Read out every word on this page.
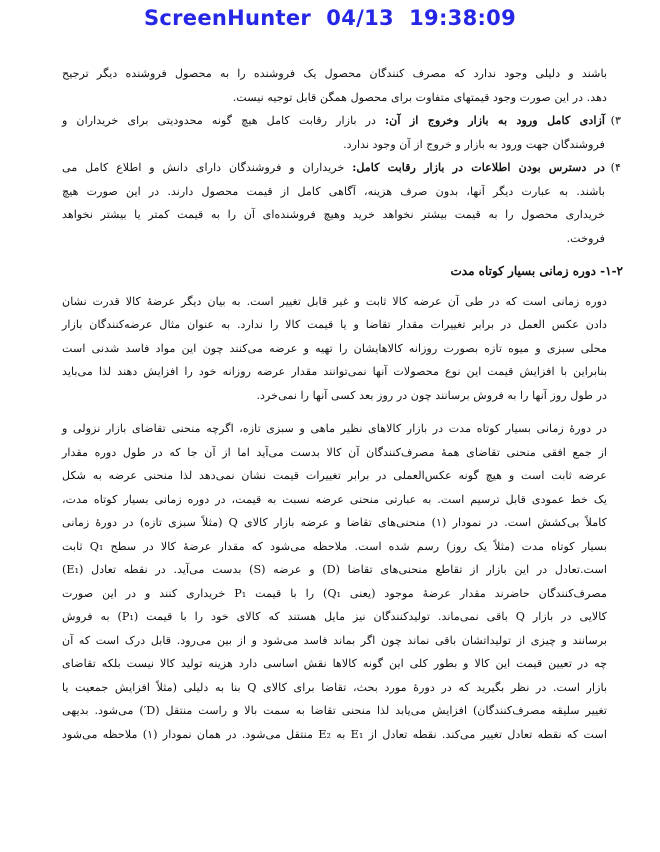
ScreenHunter 04/13 19:38:09

باشند و دلیلی وجود ندارد که مصرف کنندگان محصول یک فروشنده را به محصول فروشنده دیگر ترجیح
دهد. در این صورت وجود قیمتهای متفاوت برای محصول همگن قابل توجیه نیست.

۳)
آزادی کامل ورود به بازار وخروج از آن: در بازار رقابت کامل هیچ گونه محدودیتی برای خریداران و
فروشندگان جهت ورود به بازار و خروج از آن وجود ندارد.
۴)
در دسترس بودن اطلاعات در بازار رقابت کامل: خریداران و فروشندگان دارای دانش و اطلاع کامل می
باشند. به عبارت دیگر آنها، بدون صرف هزینه، آگاهی کامل از قیمت محصول دارند. در این صورت هیچ
خریداری محصول را به قیمت بیشتر نخواهد خرید وهیچ فروشنده‌ای آن را به قیمت کمتر یا بیشتر نخواهد
فروخت.

۱-۲- دوره زمانی بسیار کوتاه مدت

دوره زمانی است که در طی آن عرضه کالا ثابت و غیر قابل تغییر است. به بیان دیگر عرضۀ کالا قدرت نشان
دادن عکس العمل در برابر تغییرات مقدار تقاضا و یا قیمت کالا را ندارد. به عنوان مثال عرضه‌کنندگان بازار
محلی سبزی و میوه تازه بصورت روزانه کالاهایشان را تهیه و عرضه می‌کنند چون این مواد فاسد شدنی است
بنابراین با افزایش قیمت این نوع محصولات آنها نمی‌توانند مقدار عرضه روزانه خود را افزایش دهند لذا می‌باید
در طول روز آنها را به فروش برسانند چون در روز بعد کسی آنها را نمی‌خرد.

در دورۀ زمانی بسیار کوتاه مدت در بازار کالاهای نظیر ماهی و سبزی تازه، اگرچه منحنی تقاضای بازار نزولی و
از جمع افقی منحنی تقاضای همۀ مصرف‌کنندگان آن کالا بدست می‌آید اما از آن جا که در طول دوره مقدار
عرضه ثابت است و هیچ گونه عکس‌العملی در برابر تغییرات قیمت نشان نمی‌دهد لذا منحنی عرضه به شکل
یک خط عمودی قابل ترسیم است. به عبارتی منحنی عرضه نسبت به قیمت، در دوره زمانی بسیار کوتاه مدت،
کاملاً بی‌کشش است. در نمودار (۱) منحنی‌های تقاضا و عرضه بازار کالای Q (مثلاً سبزی تازه) در دورۀ زمانی
بسیار کوتاه مدت (مثلاً یک روز) رسم شده است. ملاحظه می‌شود که مقدار عرضۀ کالا در سطح Q₁ ثابت
است.تعادل در این بازار از تقاطع منحنی‌های تقاضا (D) و عرضه (S) بدست می‌آید. در نقطه تعادل (E₁)
مصرف‌کنندگان حاضرند مقدار عرضۀ موجود (یعنی Q₁) را با قیمت P₁ خریداری کنند و در این صورت
کالایی در بازار Q باقی نمی‌ماند. تولیدکنندگان نیز مایل هستند که کالای خود را با قیمت (P₁) به فروش
برسانند و چیزی از تولیداتشان باقی نماند چون اگر بماند فاسد می‌شود و از بین می‌رود. قابل درک است که آن
چه در تعیین قیمت این کالا و بطور کلی این گونه کالاها نقش اساسی دارد هزینه تولید کالا نیست بلکه تقاضای
بازار است. در نظر بگیرید که در دورۀ مورد بحث، تقاضا برای کالای Q بنا به دلیلی (مثلاً افزایش جمعیت یا
تغییر سلیقه مصرف‌کنندگان) افزایش می‌یابد لذا منحنی تقاضا به سمت بالا و راست منتقل (D′) می‌شود. بدیهی
است که نقطه تعادل تغییر می‌کند. نقطه تعادل از E₁ به E₂ منتقل می‌شود. در همان نمودار (۱) ملاحظه می‌شود
